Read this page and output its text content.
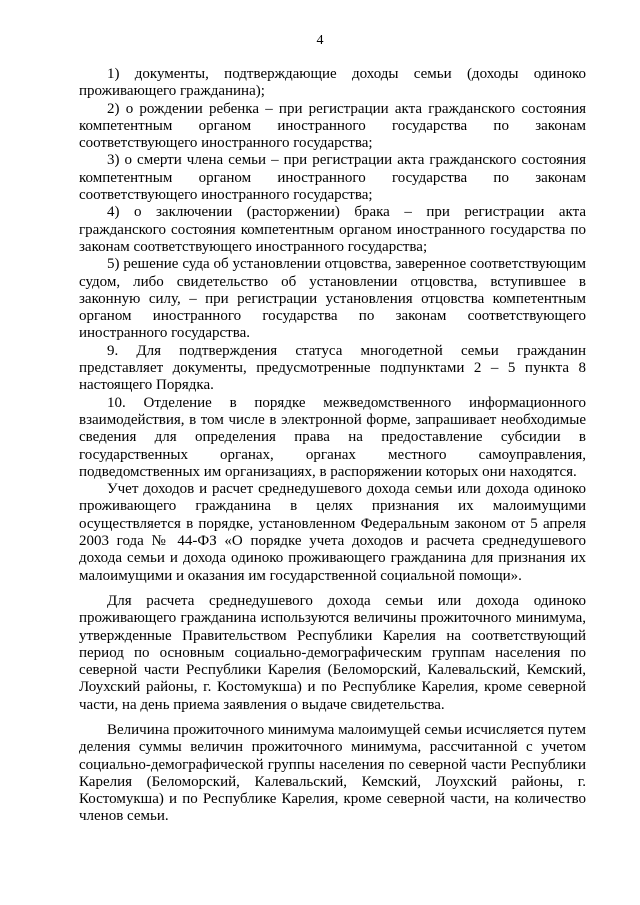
4

1) документы, подтверждающие доходы семьи (доходы одиноко проживающего гражданина);

2) о рождении ребенка – при регистрации акта гражданского состояния компетентным органом иностранного государства по законам соответствующего иностранного государства;

3) о смерти члена семьи – при регистрации акта гражданского состояния компетентным органом иностранного государства по законам соответствующего иностранного государства;

4) о заключении (расторжении) брака – при регистрации акта гражданского состояния компетентным органом иностранного государства по законам соответствующего иностранного государства;

5) решение суда об установлении отцовства, заверенное соответствующим судом, либо свидетельство об установлении отцовства, вступившее в законную силу, – при регистрации установления отцовства компетентным органом иностранного государства по законам соответствующего иностранного государства.

9. Для подтверждения статуса многодетной семьи гражданин представляет документы, предусмотренные подпунктами 2 – 5 пункта 8 настоящего Порядка.

10. Отделение в порядке межведомственного информационного взаимодействия, в том числе в электронной форме, запрашивает необходимые сведения для определения права на предоставление субсидии в государственных органах, органах местного самоуправления, подведомственных им организациях, в распоряжении которых они находятся.

Учет доходов и расчет среднедушевого дохода семьи или дохода одиноко проживающего гражданина в целях признания их малоимущими осуществляется в порядке, установленном Федеральным законом от 5 апреля 2003 года № 44-ФЗ «О порядке учета доходов и расчета среднедушевого дохода семьи и дохода одиноко проживающего гражданина для признания их малоимущими и оказания им государственной социальной помощи».

Для расчета среднедушевого дохода семьи или дохода одиноко проживающего гражданина используются величины прожиточного минимума, утвержденные Правительством Республики Карелия на соответствующий период по основным социально-демографическим группам населения по северной части Республики Карелия (Беломорский, Калевальский, Кемский, Лоухский районы, г. Костомукша) и по Республике Карелия, кроме северной части, на день приема заявления о выдаче свидетельства.

Величина прожиточного минимума малоимущей семьи исчисляется путем деления суммы величин прожиточного минимума, рассчитанной с учетом социально-демографической группы населения по северной части Республики Карелия (Беломорский, Калевальский, Кемский, Лоухский районы, г. Костомукша) и по Республике Карелия, кроме северной части, на количество членов семьи.
